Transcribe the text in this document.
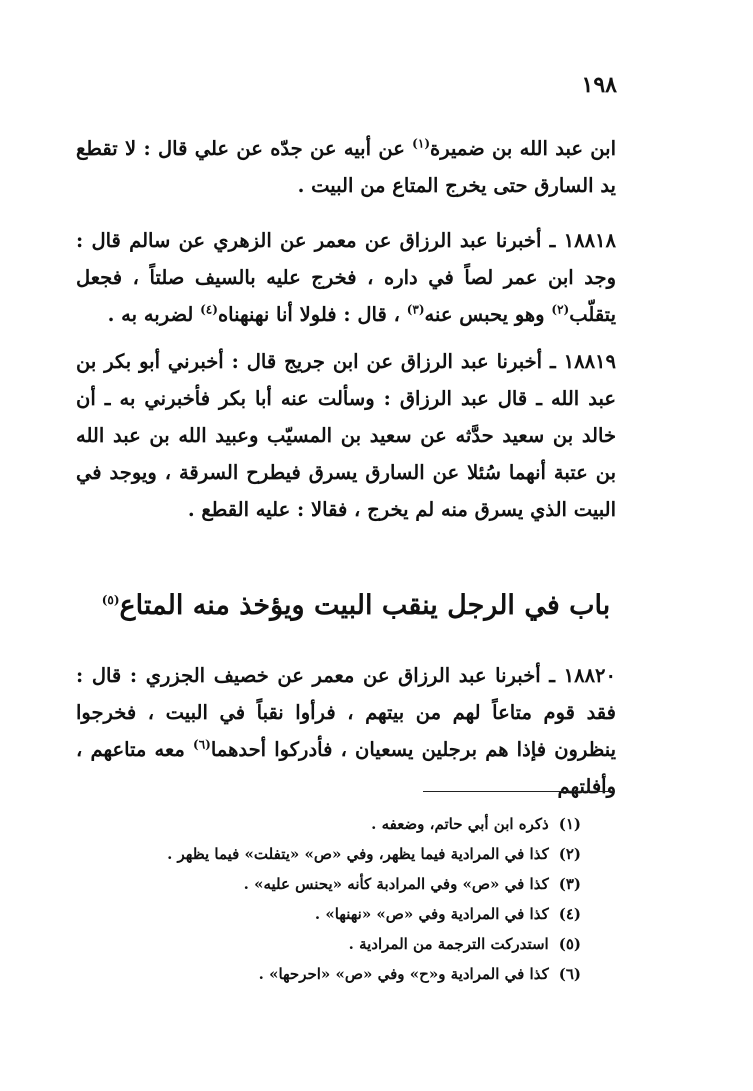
١٩٨

ابن عبد الله بن ضميرة$^{(١)}$ عن أبيه عن جدّه عن علي قال : لا تقطع يد السارق حتى يخرج المتاع من البيت .

١٨٨١٨ ـ أخبرنا عبد الرزاق عن معمر عن الزهري عن سالم قال : وجد ابن عمر لصاً في داره ، فخرج عليه بالسيف صلتاً ، فجعل يتقلّب$^{(٢)}$ وهو يحبس عنه$^{(٣)}$ ، قال : فلولا أنا نهنهناه$^{(٤)}$ لضربه به .

١٨٨١٩ ـ أخبرنا عبد الرزاق عن ابن جريج قال : أخبرني أبو بكر بن عبد الله ـ قال عبد الرزاق : وسألت عنه أبا بكر فأخبرني به ـ أن خالد بن سعيد حدَّثه عن سعيد بن المسيّب وعبيد الله بن عبد الله بن عتبة أنهما سُئلا عن السارق يسرق فيطرح السرقة ، ويوجد في البيت الذي يسرق منه لم يخرج ، فقالا : عليه القطع .

باب في الرجل ينقب البيت ويؤخذ منه المتاع$^{(٥)}$

١٨٨٢٠ ـ أخبرنا عبد الرزاق عن معمر عن خصيف الجزري : قال : فقد قوم متاعاً لهم من بيتهم ، فرأوا نقباً في البيت ، فخرجوا ينظرون فإذا هم برجلين يسعيان ، فأدركوا أحدهما$^{(٦)}$ معه متاعهم ، وأفلتهم

(١)ذكره ابن أبي حاتم، وضعفه .
(٢)كذا في المرادية فيما يظهر، وفي «ص» «يتفلت» فيما يظهر .
(٣)كذا في «ص» وفي المرادبة كأنه «يحنس عليه» .
(٤)كذا في المرادية وفي «ص» «نهنها» .
(٥)استدركت الترجمة من المرادية .
(٦)كذا في المرادية و«ح» وفي «ص» «احرحها» .
